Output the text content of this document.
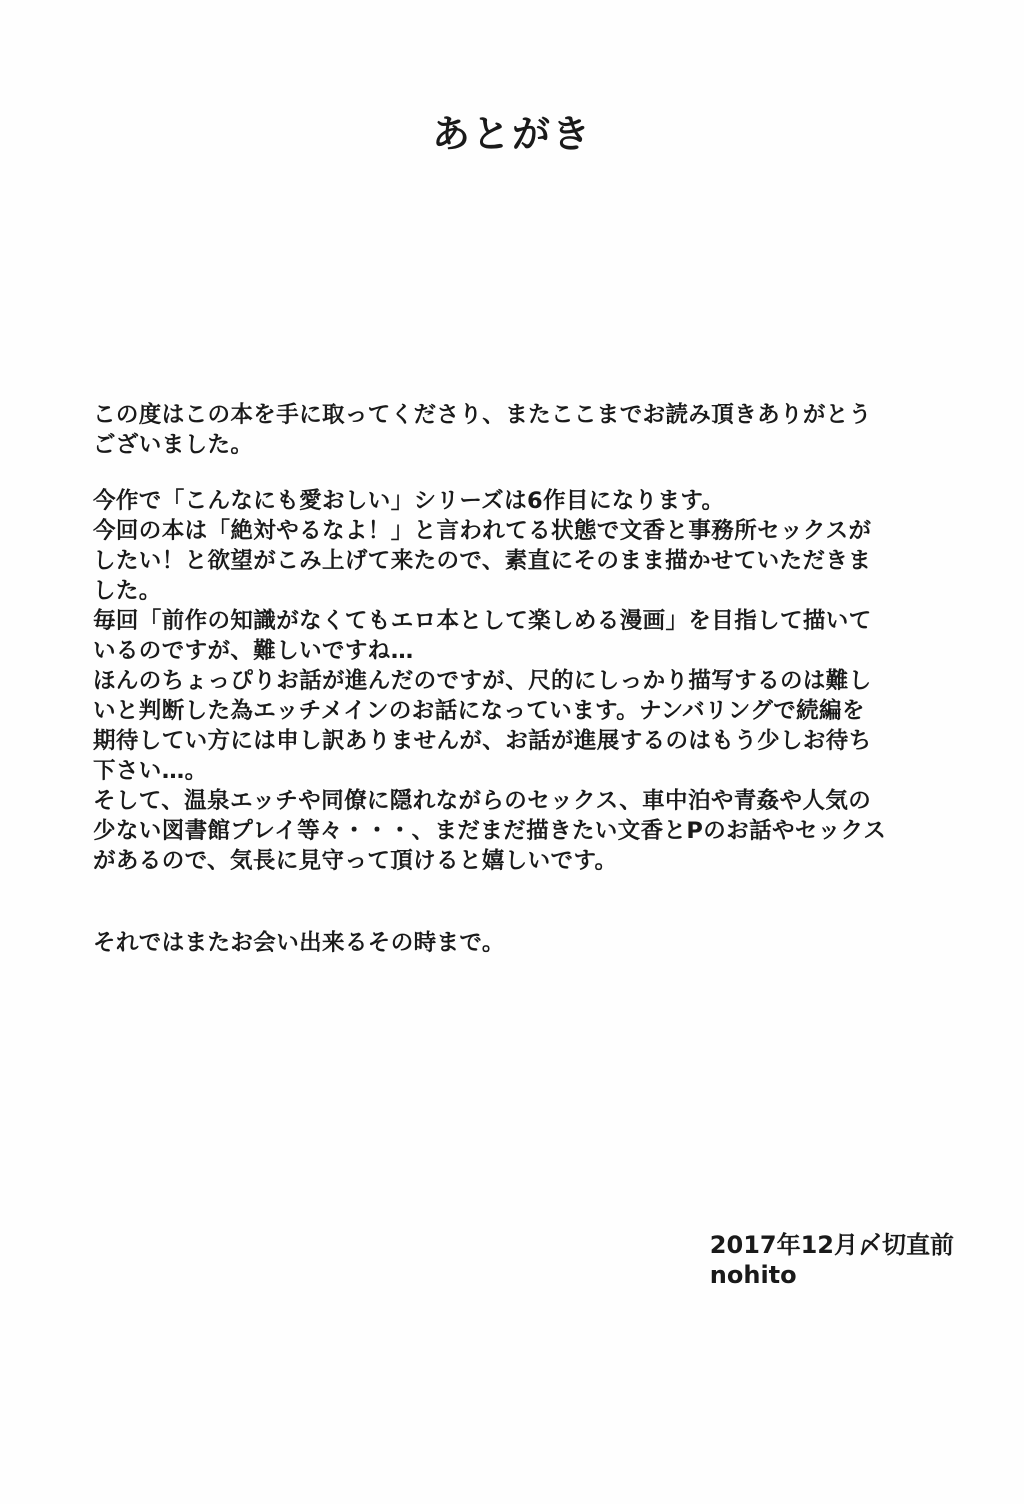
あとがき
この度はこの本を手に取ってくださり、またここまでお読み頂きありがとう
ございました。
今作で「こんなにも愛おしい」シリーズは6作目になります。
今回の本は「絶対やるなよ！」と言われてる状態で文香と事務所セックスが
したい！と欲望がこみ上げて来たので、素直にそのまま描かせていただきま
した。
毎回「前作の知識がなくてもエロ本として楽しめる漫画」を目指して描いて
いるのですが、難しいですね…
ほんのちょっぴりお話が進んだのですが、尺的にしっかり描写するのは難し
いと判断した為エッチメインのお話になっています。ナンバリングで続編を
期待してい方には申し訳ありませんが、お話が進展するのはもう少しお待ち
下さい…。
そして、温泉エッチや同僚に隠れながらのセックス、車中泊や青姦や人気の
少ない図書館プレイ等々・・・、まだまだ描きたい文香とPのお話やセックス
があるので、気長に見守って頂けると嬉しいです。
それではまたお会い出来るその時まで。
2017年12月〆切直前
nohito
